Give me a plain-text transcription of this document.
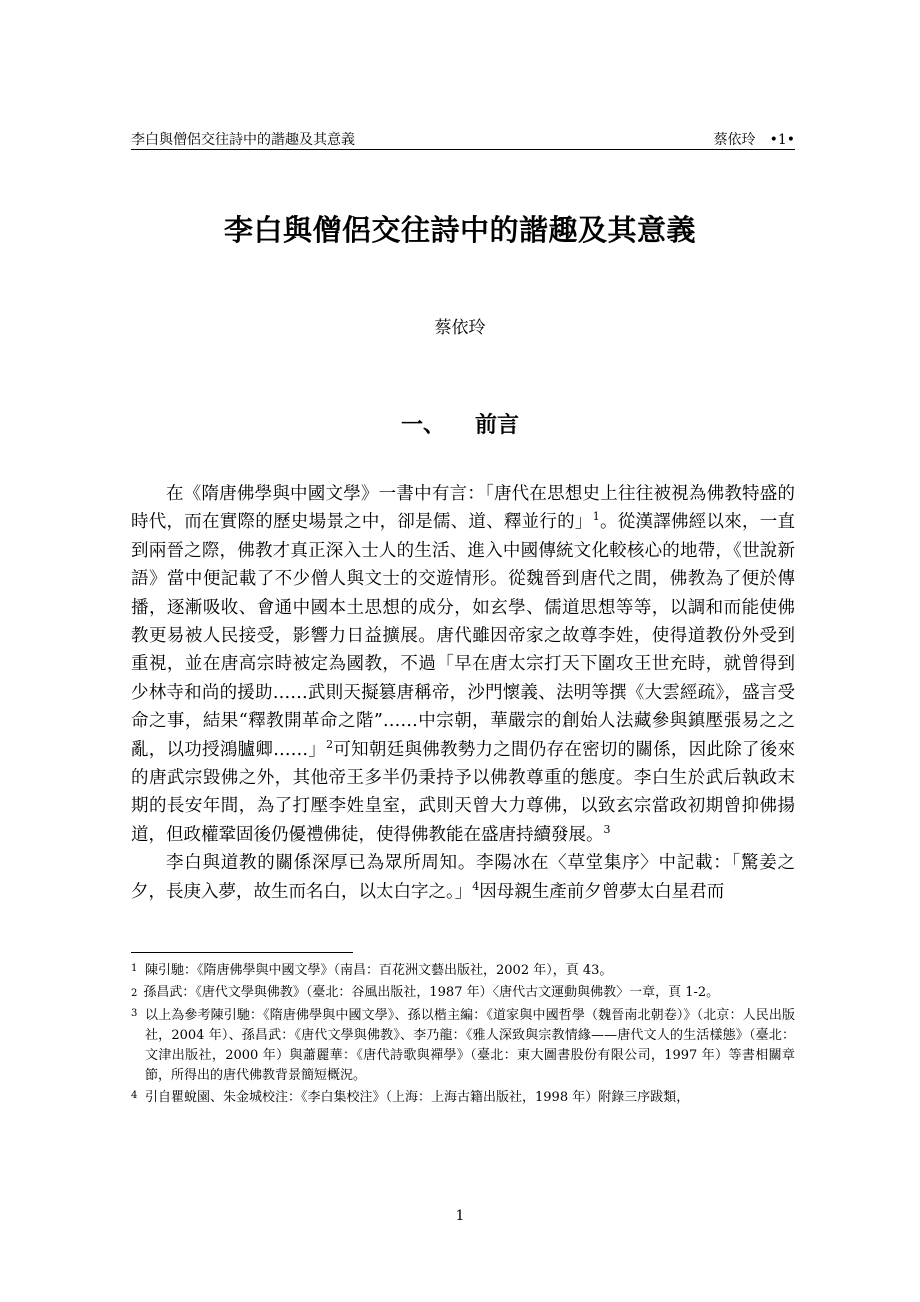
李白與僧侶交往詩中的諧趣及其意義	蔡依玲 •1•
李白與僧侶交往詩中的諧趣及其意義
蔡依玲
一、 前言

在《隋唐佛學與中國文學》一書中有言：「唐代在思想史上往往被視為佛教特盛的時代，而在實際的歷史場景之中，卻是儒、道、釋並行的」$^1$。從漢譯佛經以來，一直到兩晉之際，佛教才真正深入士人的生活、進入中國傳統文化較核心的地帶，《世說新語》當中便記載了不少僧人與文士的交遊情形。從魏晉到唐代之間，佛教為了便於傳播，逐漸吸收、會通中國本土思想的成分，如玄學、儒道思想等等，以調和而能使佛教更易被人民接受，影響力日益擴展。唐代雖因帝家之故尊李姓，使得道教份外受到重視，並在唐高宗時被定為國教，不過「早在唐太宗打天下圍攻王世充時，就曾得到少林寺和尚的援助……武則天擬篡唐稱帝，沙門懷義、法明等撰《大雲經疏》，盛言受命之事，結果“釋教開革命之階”……中宗朝，華嚴宗的創始人法藏參與鎮壓張易之之亂，以功授鴻臚卿……」$^2$可知朝廷與佛教勢力之間仍存在密切的關係，因此除了後來的唐武宗毀佛之外，其他帝王多半仍秉持予以佛教尊重的態度。李白生於武后執政末期的長安年間，為了打壓李姓皇室，武則天曾大力尊佛，以致玄宗當政初期曾抑佛揚道，但政權鞏固後仍優禮佛徒，使得佛教能在盛唐持續發展。$^3$

李白與道教的關係深厚已為眾所周知。李陽冰在〈草堂集序〉中記載：「驚姜之夕，長庚入夢，故生而名白，以太白字之。」$^4$因母親生產前夕曾夢太白星君而

1 陳引馳：《隋唐佛學與中國文學》（南昌：百花洲文藝出版社，2002 年），頁 43。
2 孫昌武：《唐代文學與佛教》（臺北：谷風出版社，1987 年）〈唐代古文運動與佛教〉一章，頁 1-2。
3 以上為參考陳引馳：《隋唐佛學與中國文學》、孫以楷主編：《道家與中國哲學（魏晉南北朝卷）》（北京：人民出版社，2004 年）、孫昌武：《唐代文學與佛教》、李乃龍：《雅人深致與宗教情緣——唐代文人的生活樣態》（臺北：文津出版社，2000 年）與蕭麗華：《唐代詩歌與禪學》（臺北：東大圖書股份有限公司，1997 年）等書相關章節，所得出的唐代佛教背景簡短概況。
4 引自瞿蛻園、朱金城校注：《李白集校注》（上海：上海古籍出版社，1998 年）附錄三序跋類，
1
